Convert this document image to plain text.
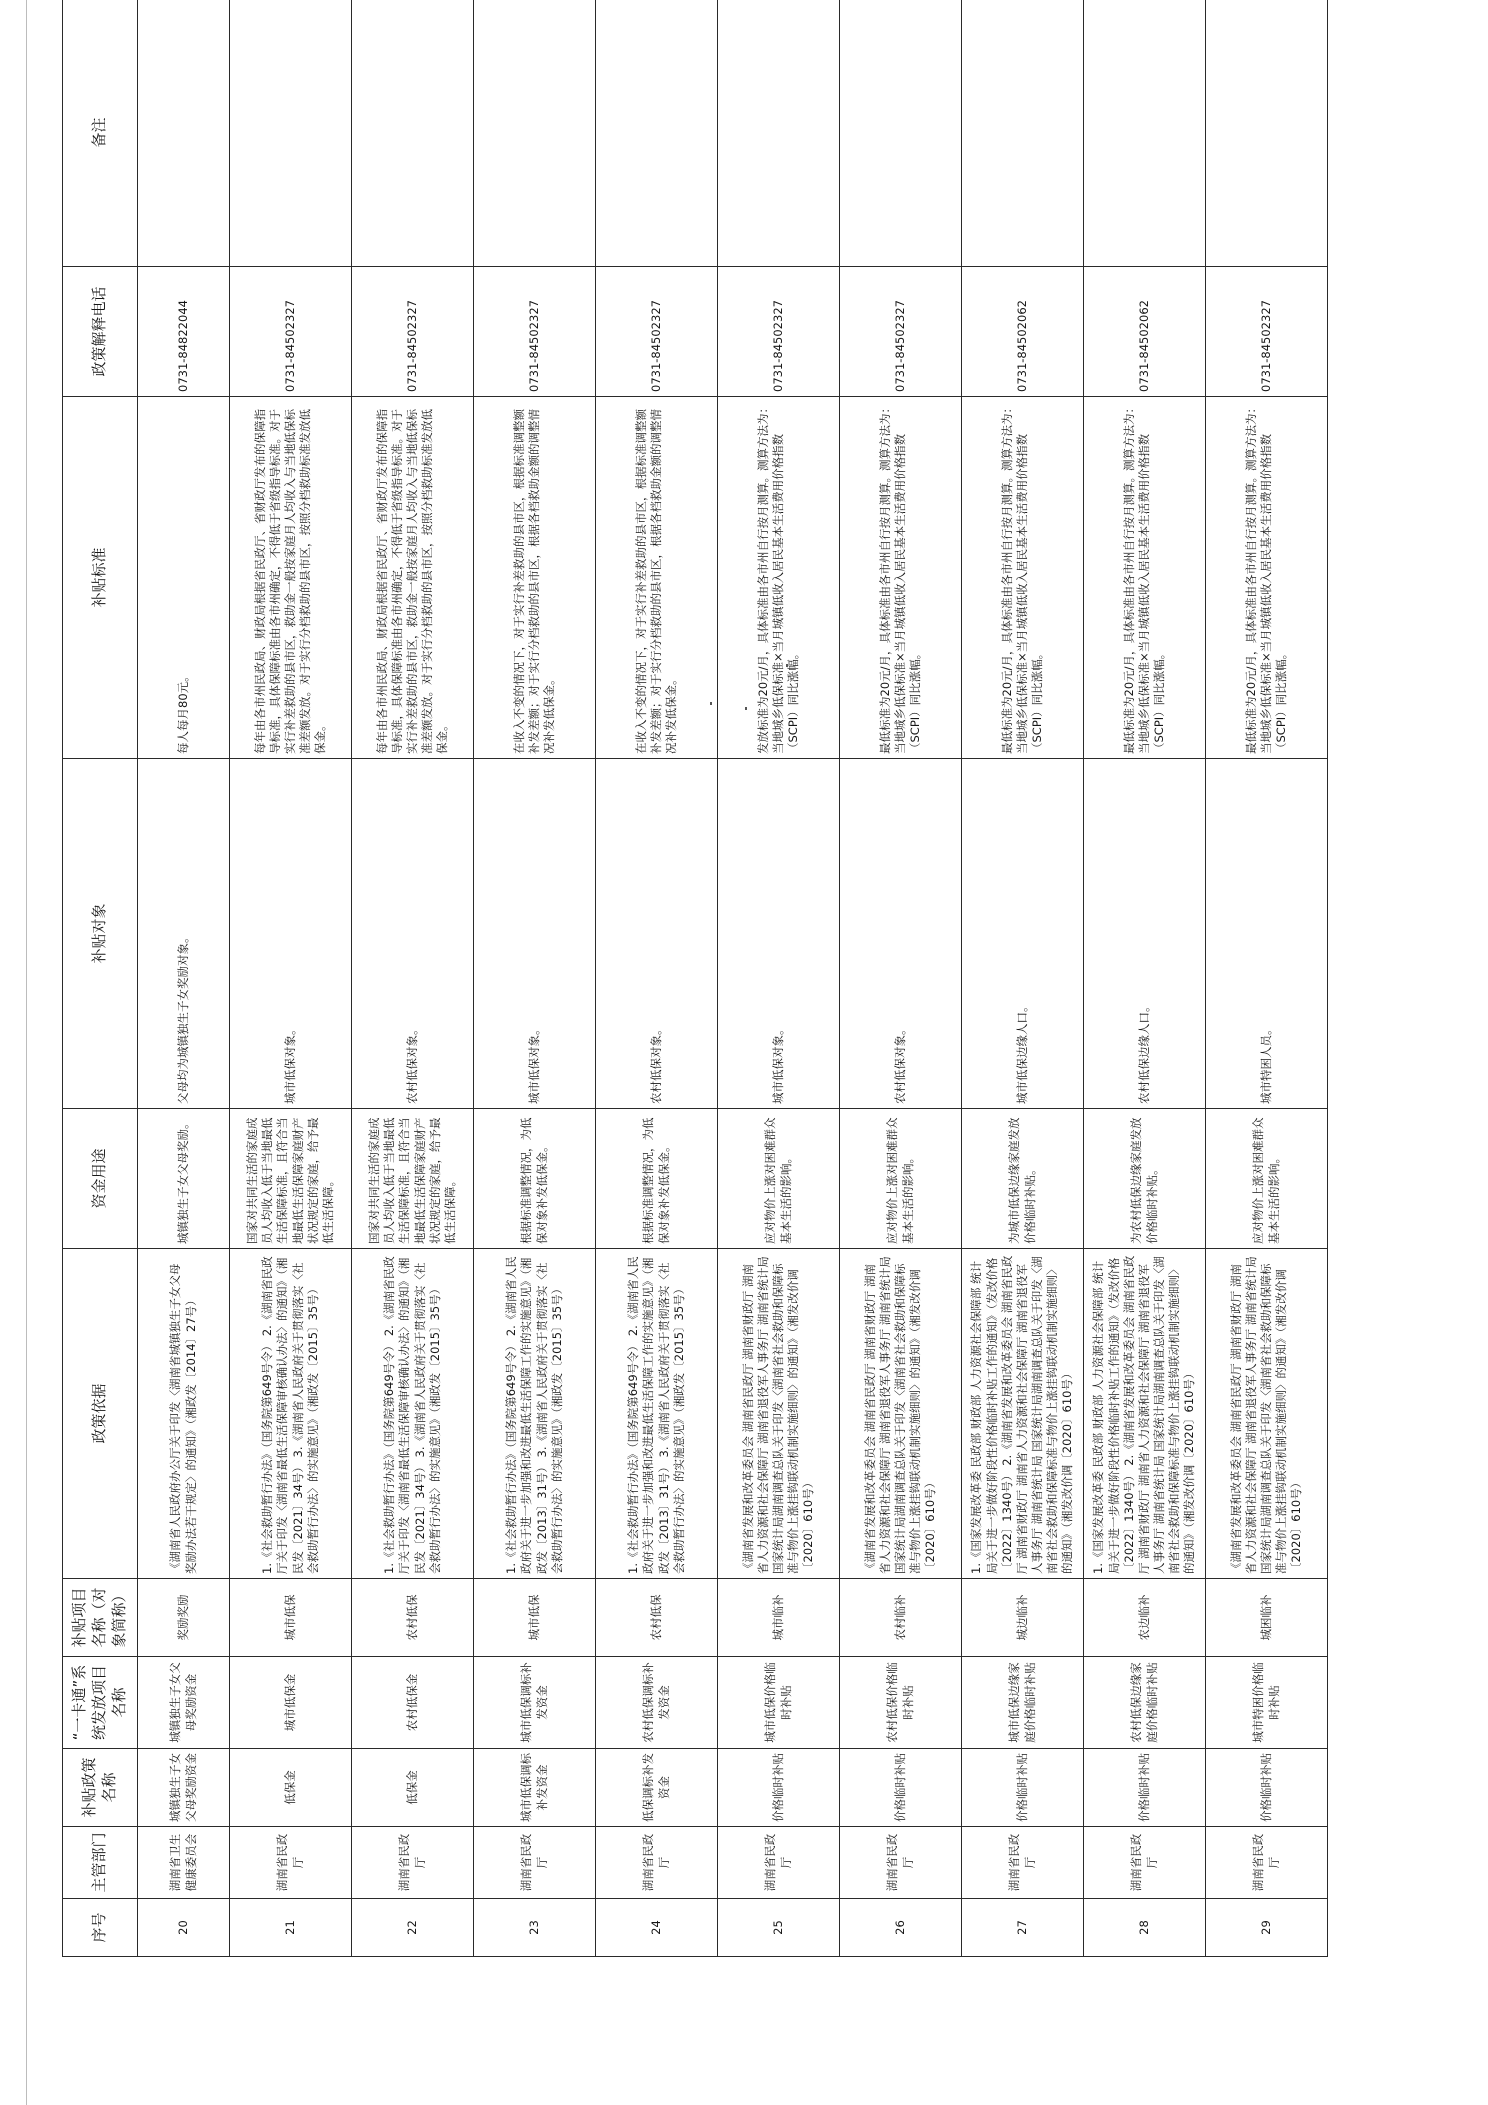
序号	主管部门	补贴政策名称	“一卡通”系统发放项目名称	补贴项目名称（对象简称）	政策依据	资金用途	补贴对象	补贴标准	政策解释电话	备注
20	湖南省卫生健康委员会	城镇独生子女父母奖励资金	城镇独生子女父母奖励资金	奖励奖励	《湖南省人民政府办公厅关于印发〈湖南省城镇独生子女父母奖励办法若干规定〉的通知》（湘政发〔2014〕27号）	城镇独生子女父母奖励。	父母均为城镇独生子女奖励对象。	每人每月80元。	0731-84822044	
21	湖南省民政厅	低保金	城市低保金	城市低保	1.《社会救助暂行办法》（国务院第649号令） 2.《湖南省民政厅关于印发〈湖南省最低生活保障审核确认办法〉的通知》（湘民发〔2021〕34号） 3.《湖南省人民政府关于贯彻落实〈社会救助暂行办法〉的实施意见》（湘政发〔2015〕35号）	国家对共同生活的家庭成员人均收入低于当地最低生活保障标准，且符合当地最低生活保障家庭财产状况规定的家庭，给予最低生活保障。	城市低保对象。	每年由各市州民政局、财政局根据省民政厅、省财政厅发布的保障指导标准，具体保障标准由各市州确定，不得低于省级指导标准。对于实行补差救助的县市区，救助金一般按家庭月人均收入与当地低保标准差额发放。对于实行分档救助的县市区，按照分档救助标准发放低保金。	0731-84502327	
22	湖南省民政厅	低保金	农村低保金	农村低保	1.《社会救助暂行办法》（国务院第649号令） 2.《湖南省民政厅关于印发〈湖南省最低生活保障审核确认办法〉的通知》（湘民发〔2021〕34号） 3.《湖南省人民政府关于贯彻落实〈社会救助暂行办法〉的实施意见》（湘政发〔2015〕35号）	国家对共同生活的家庭成员人均收入低于当地最低生活保障标准，且符合当地最低生活保障家庭财产状况规定的家庭，给予最低生活保障。	农村低保对象。	每年由各市州民政局、财政局根据省民政厅、省财政厅发布的保障指导标准，具体保障标准由各市州确定，不得低于省级指导标准。对于实行补差救助的县市区，救助金一般按家庭月人均收入与当地低保标准差额发放。对于实行分档救助的县市区，按照分档救助标准发放低保金。	0731-84502327	
23	湖南省民政厅	城市低保调标补发资金	城市低保调标补发资金	城市低保	1.《社会救助暂行办法》（国务院第649号令） 2.《湖南省人民政府关于进一步加强和改进最低生活保障工作的实施意见》（湘政发〔2013〕31号） 3.《湖南省人民政府关于贯彻落实〈社会救助暂行办法〉的实施意见》（湘政发〔2015〕35号）	根据标准调整情况，为低保对象补发低保金。	城市低保对象。	在收入不变的情况下，对于实行补差救助的县市区，根据标准调整额补发差额；对于实行分档救助的县市区，根据各档救助金额的调整情况补发低保金。	0731-84502327	
24	湖南省民政厅	低保调标补发资金	农村低保调标补发资金	农村低保	1.《社会救助暂行办法》（国务院第649号令） 2.《湖南省人民政府关于进一步加强和改进最低生活保障工作的实施意见》（湘政发〔2013〕31号） 3.《湖南省人民政府关于贯彻落实〈社会救助暂行办法〉的实施意见》（湘政发〔2015〕35号）	根据标准调整情况，为低保对象补发低保金。	农村低保对象。	在收入不变的情况下，对于实行补差救助的县市区，根据标准调整额补发差额；对于实行分档救助的县市区，根据各档救助金额的调整情况补发低保金。	0731-84502327	
25	湖南省民政厅	价格临时补贴	城市低保价格临时补贴	城市临补	《湖南省发展和改革委员会 湖南省民政厅 湖南省财政厅 湖南省人力资源和社会保障厅 湖南省退役军人事务厅 湖南省统计局 国家统计局湖南调查总队关于印发〈湖南省社会救助和保障标准与物价上涨挂钩联动机制实施细则〉的通知》（湘发改价调〔2020〕610号）	应对物价上涨对困难群众基本生活的影响。	城市低保对象。	发放标准为20元/月，具体标准由各市州自行按月测算。测算方法为：当地城乡低保标准×当月城镇低收入居民基本生活费用价格指数（SCPI）同比涨幅。	0731-84502327	
26	湖南省民政厅	价格临时补贴	农村低保价格临时补贴	农村临补	《湖南省发展和改革委员会 湖南省民政厅 湖南省财政厅 湖南省人力资源和社会保障厅 湖南省退役军人事务厅 湖南省统计局 国家统计局湖南调查总队关于印发〈湖南省社会救助和保障标准与物价上涨挂钩联动机制实施细则〉的通知》（湘发改价调〔2020〕610号）	应对物价上涨对困难群众基本生活的影响。	农村低保对象。	最低标准为20元/月，具体标准由各市州自行按月测算。测算方法为：当地城乡低保标准×当月城镇低收入居民基本生活费用价格指数（SCPI）同比涨幅。	0731-84502327	
27	湖南省民政厅	价格临时补贴	城市低保边缘家庭价格临时补贴	城边临补	1.《国家发展改革委 民政部 财政部 人力资源社会保障部 统计局关于进一步做好阶段性价格临时补贴工作的通知》（发改价格〔2022〕1340号） 2.《湖南省发展和改革委员会 湖南省民政厅 湖南省财政厅 湖南省人力资源和社会保障厅 湖南省退役军人事务厅 湖南省统计局 国家统计局湖南调查总队关于印发〈湖南省社会救助和保障标准与物价上涨挂钩联动机制实施细则〉的通知》（湘发改价调〔2020〕610号）	为城市低保边缘家庭发放价格临时补贴。	城市低保边缘人口。	最低标准为20元/月，具体标准由各市州自行按月测算。测算方法为：当地城乡低保标准×当月城镇低收入居民基本生活费用价格指数（SCPI）同比涨幅。	0731-84502062	
28	湖南省民政厅	价格临时补贴	农村低保边缘家庭价格临时补贴	农边临补	1.《国家发展改革委 民政部 财政部 人力资源社会保障部 统计局关于进一步做好阶段性价格临时补贴工作的通知》（发改价格〔2022〕1340号） 2.《湖南省发展和改革委员会 湖南省民政厅 湖南省财政厅 湖南省人力资源和社会保障厅 湖南省退役军人事务厅 湖南省统计局 国家统计局湖南调查总队关于印发〈湖南省社会救助和保障标准与物价上涨挂钩联动机制实施细则〉的通知》（湘发改价调〔2020〕610号）	为农村低保边缘家庭发放价格临时补贴。	农村低保边缘人口。	最低标准为20元/月，具体标准由各市州自行按月测算。测算方法为：当地城乡低保标准×当月城镇低收入居民基本生活费用价格指数（SCPI）同比涨幅。	0731-84502062	
29	湖南省民政厅	价格临时补贴	城市特困价格临时补贴	城困临补	《湖南省发展和改革委员会 湖南省民政厅 湖南省财政厅 湖南省人力资源和社会保障厅 湖南省退役军人事务厅 湖南省统计局 国家统计局湖南调查总队关于印发〈湖南省社会救助和保障标准与物价上涨挂钩联动机制实施细则〉的通知》（湘发改价调〔2020〕610号）	应对物价上涨对困难群众基本生活的影响。	城市特困人员。	最低标准为20元/月，具体标准由各市州自行按月测算。测算方法为：当地城乡低保标准×当月城镇低收入居民基本生活费用价格指数（SCPI）同比涨幅。	0731-84502327	
